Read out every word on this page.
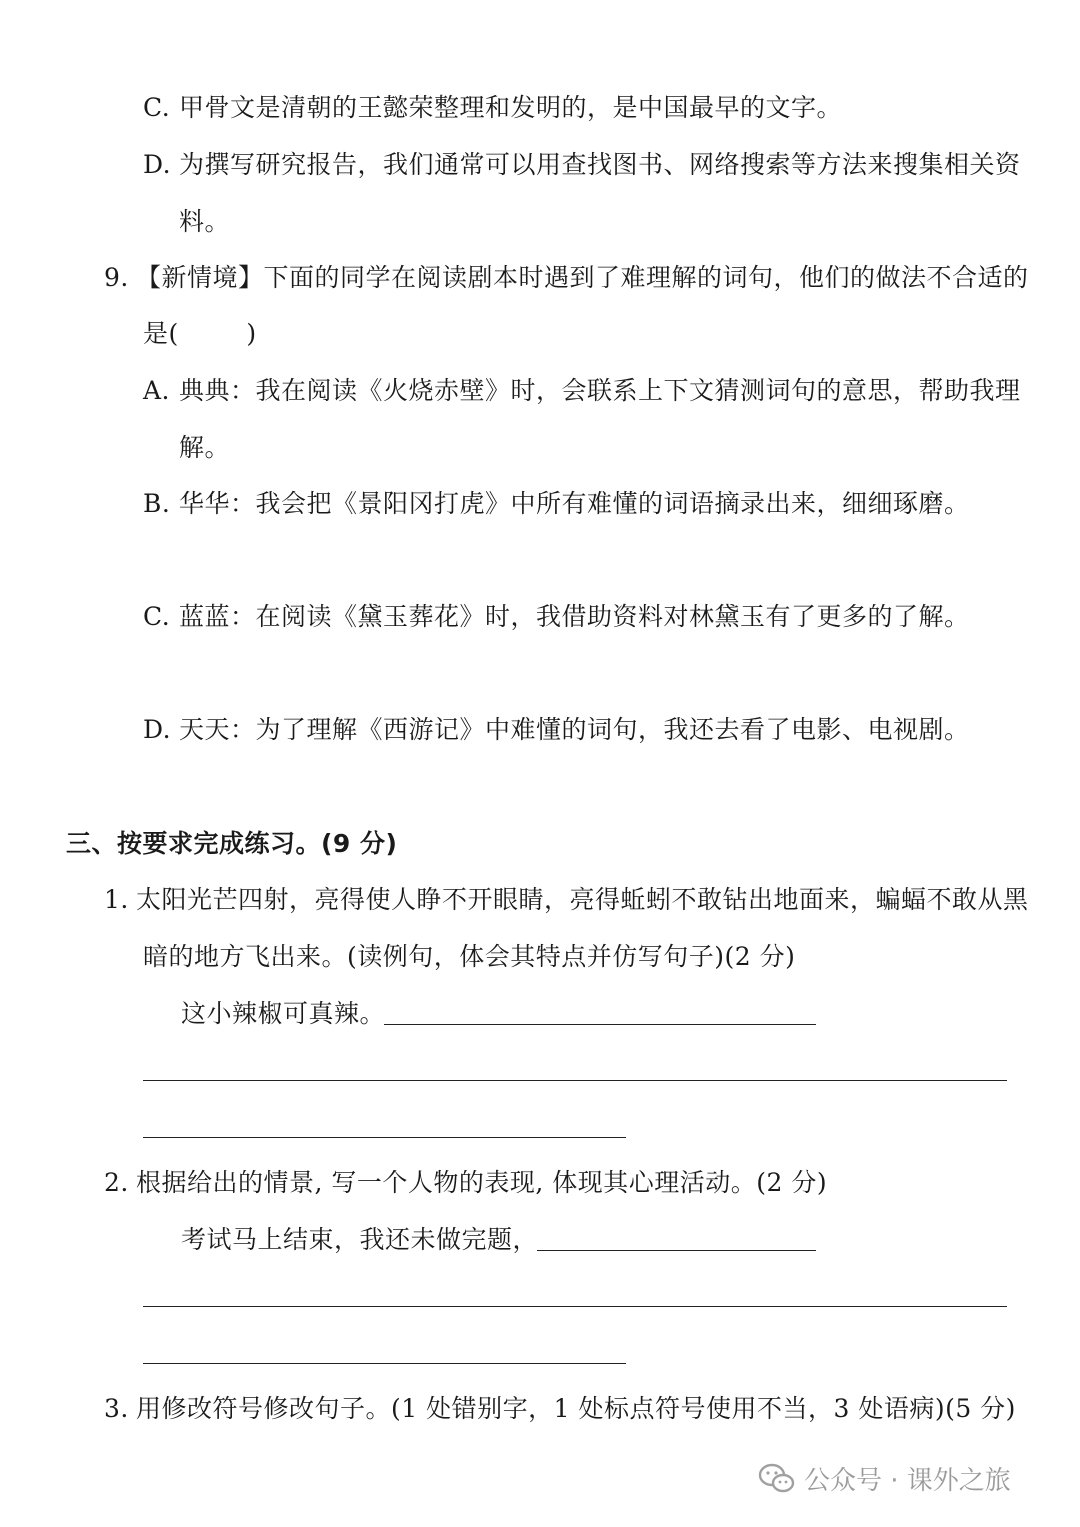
C. 甲骨文是清朝的王懿荣整理和发明的，是中国最早的文字。
D. 为撰写研究报告，我们通常可以用查找图书、网络搜索等方法来搜集相关资
料。
9. 【新情境】下面的同学在阅读剧本时遇到了难理解的词句，他们的做法不合适的
是(        )
A. 典典：我在阅读《火烧赤壁》时，会联系上下文猜测词句的意思，帮助我理
解。
B. 华华：我会把《景阳冈打虎》中所有难懂的词语摘录出来，细细琢磨。
C. 蓝蓝：在阅读《黛玉葬花》时，我借助资料对林黛玉有了更多的了解。
D. 天天：为了理解《西游记》中难懂的词句，我还去看了电影、电视剧。
三、按要求完成练习。(9 分)
1. 太阳光芒四射，亮得使人睁不开眼睛，亮得蚯蚓不敢钻出地面来，蝙蝠不敢从黑
暗的地方飞出来。(读例句，体会其特点并仿写句子)(2 分)
这小辣椒可真辣。
2. 根据给出的情景, 写一个人物的表现, 体现其心理活动。(2 分)
考试马上结束，我还未做完题，
3. 用修改符号修改句子。(1 处错别字，1 处标点符号使用不当，3 处语病)(5 分)
公众号 · 课外之旅
